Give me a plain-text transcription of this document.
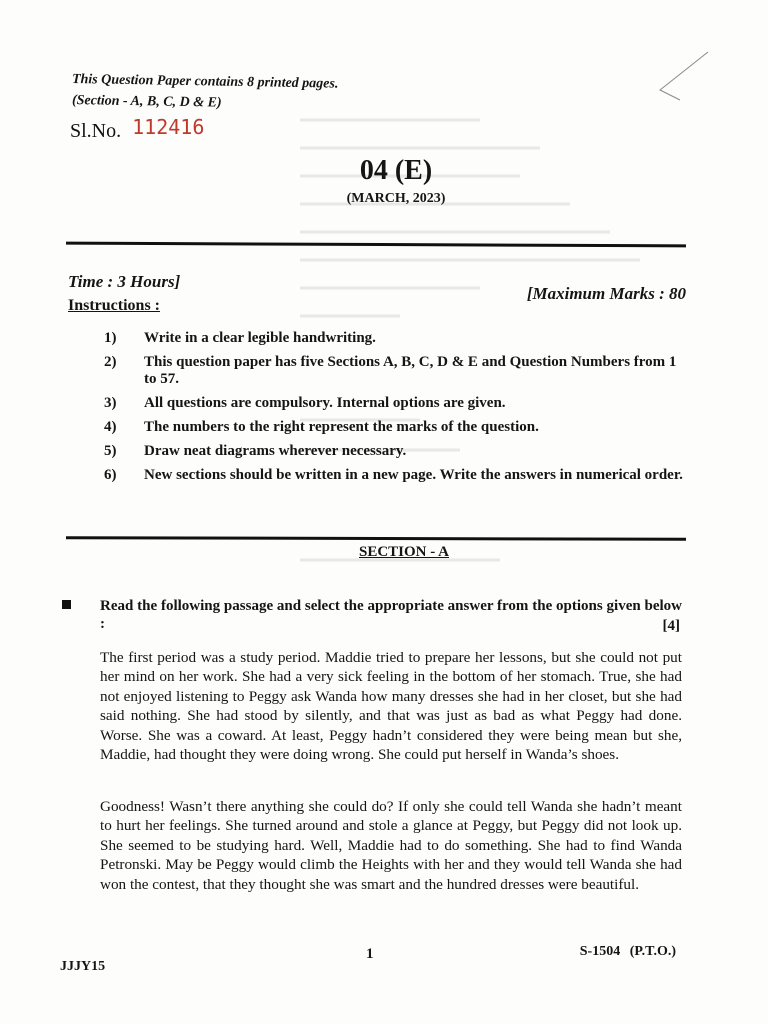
This Question Paper contains 8 printed pages.
(Section - A, B, C, D & E)
Sl.No. 112416
04 (E)
(MARCH, 2023)
Time : 3 Hours]
[Maximum Marks : 80
Instructions :
1) Write in a clear legible handwriting.
2) This question paper has five Sections A, B, C, D & E and Question Numbers from 1 to 57.
3) All questions are compulsory. Internal options are given.
4) The numbers to the right represent the marks of the question.
5) Draw neat diagrams wherever necessary.
6) New sections should be written in a new page. Write the answers in numerical order.
SECTION - A
Read the following passage and select the appropriate answer from the options given below :	[4]

The first period was a study period. Maddie tried to prepare her lessons, but she could not put her mind on her work. She had a very sick feeling in the bottom of her stomach. True, she had not enjoyed listening to Peggy ask Wanda how many dresses she had in her closet, but she had said nothing. She had stood by silently, and that was just as bad as what Peggy had done. Worse. She was a coward. At least, Peggy hadn’t considered they were being mean but she, Maddie, had thought they were doing wrong. She could put herself in Wanda’s shoes.

Goodness! Wasn’t there anything she could do? If only she could tell Wanda she hadn’t meant to hurt her feelings. She turned around and stole a glance at Peggy, but Peggy did not look up. She seemed to be studying hard. Well, Maddie had to do something. She had to find Wanda Petronski. May be Peggy would climb the Heights with her and they would tell Wanda she had won the contest, that they thought she was smart and the hundred dresses were beautiful.

JJJY15
1	S-1504 (P.T.O.)
